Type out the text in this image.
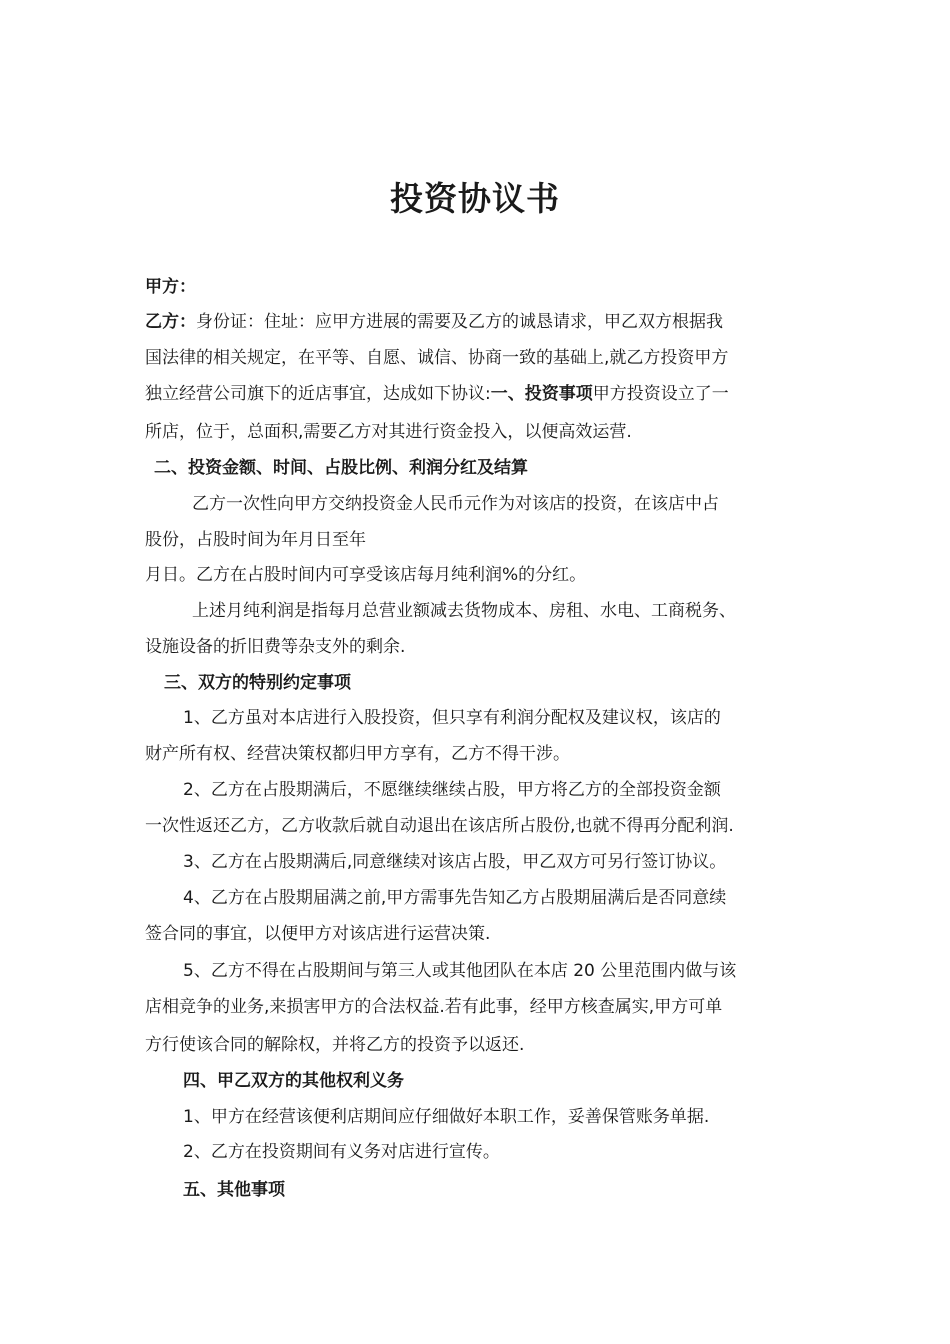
投资协议书
甲方：
乙方：身份证：住址：应甲方进展的需要及乙方的诚恳请求，甲乙双方根据我
国法律的相关规定，在平等、自愿、诚信、协商一致的基础上,就乙方投资甲方
独立经营公司旗下的近店事宜，达成如下协议:一、投资事项甲方投资设立了一
所店，位于，总面积,需要乙方对其进行资金投入，以便高效运营.
二、投资金额、时间、占股比例、利润分红及结算
乙方一次性向甲方交纳投资金人民币元作为对该店的投资，在该店中占
股份，占股时间为年月日至年
月日。乙方在占股时间内可享受该店每月纯利润%的分红。
上述月纯利润是指每月总营业额减去货物成本、房租、水电、工商税务、
设施设备的折旧费等杂支外的剩余.
三、双方的特别约定事项
1、乙方虽对本店进行入股投资，但只享有利润分配权及建议权，该店的
财产所有权、经营决策权都归甲方享有，乙方不得干涉。
2、乙方在占股期满后，不愿继续继续占股，甲方将乙方的全部投资金额
一次性返还乙方，乙方收款后就自动退出在该店所占股份,也就不得再分配利润.
3、乙方在占股期满后,同意继续对该店占股，甲乙双方可另行签订协议。
4、乙方在占股期届满之前,甲方需事先告知乙方占股期届满后是否同意续
签合同的事宜，以便甲方对该店进行运营决策.
5、乙方不得在占股期间与第三人或其他团队在本店 20 公里范围内做与该
店相竞争的业务,来损害甲方的合法权益.若有此事，经甲方核查属实,甲方可单
方行使该合同的解除权，并将乙方的投资予以返还.
四、甲乙双方的其他权利义务
1、甲方在经营该便利店期间应仔细做好本职工作，妥善保管账务单据.
2、乙方在投资期间有义务对店进行宣传。
五、其他事项
